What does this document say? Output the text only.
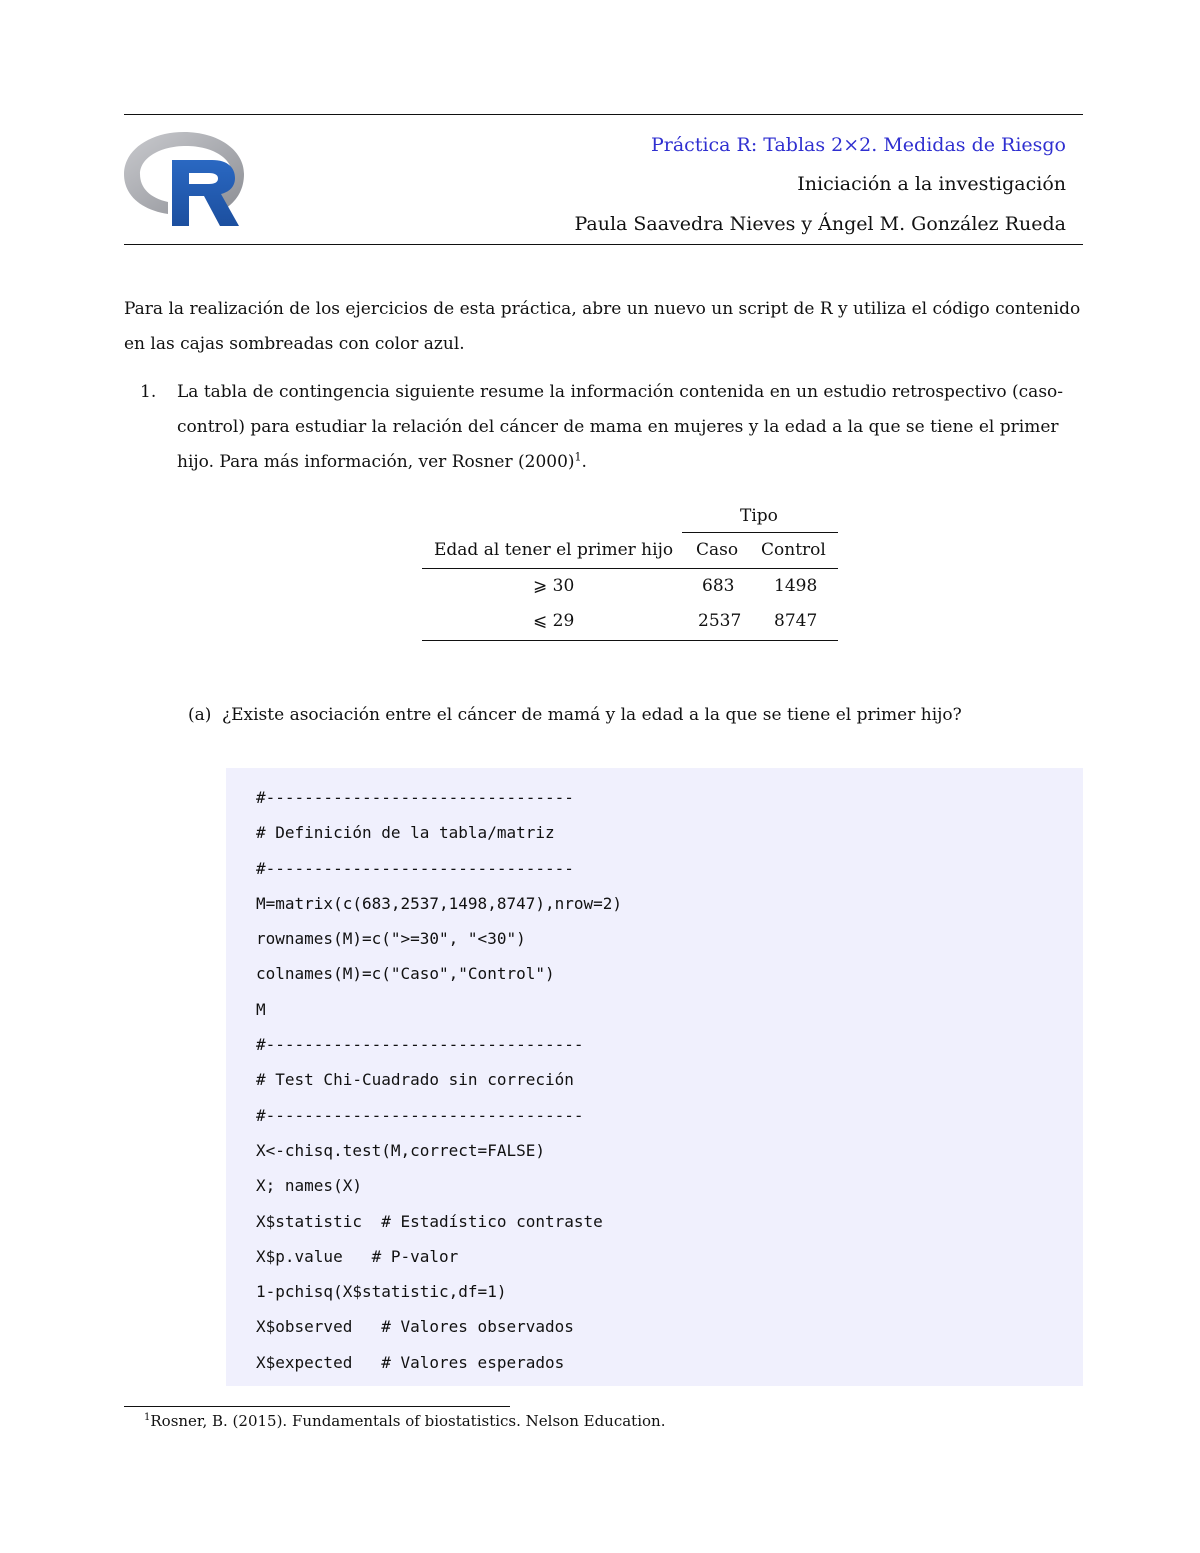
Práctica R: Tablas 2×2. Medidas de Riesgo
Iniciación a la investigación
Paula Saavedra Nieves y Ángel M. González Rueda
Para la realización de los ejercicios de esta práctica, abre un nuevo un script de R y utiliza el código contenido en las cajas sombreadas con color azul.
1. La tabla de contingencia siguiente resume la información contenida en un estudio retrospectivo (caso-control) para estudiar la relación del cáncer de mama en mujeres y la edad a la que se tiene el primer hijo. Para más información, ver Rosner $(2000)^1$.
Tipo
Edad al tener el primer hijo Caso Control
⩾ 30	683 1498
⩽ 29	2537 8747
(a) ¿Existe asociación entre el cáncer de mamá y la edad a la que se tiene el primer hijo?
#--------------------------------
# Definición de la tabla/matriz
#--------------------------------
M=matrix(c(683,2537,1498,8747),nrow=2)
rownames(M)=c(">=30", "<30")
colnames(M)=c("Caso","Control")
M
#---------------------------------
# Test Chi-Cuadrado sin correción
#---------------------------------
X<-chisq.test(M,correct=FALSE)
X; names(X)
X$statistic  # Estadístico contraste
X$p.value   # P-valor
1-pchisq(X$statistic,df=1)
X$observed   # Valores observados
X$expected   # Valores esperados
$^1$Rosner, B. (2015). Fundamentals of biostatistics. Nelson Education.
